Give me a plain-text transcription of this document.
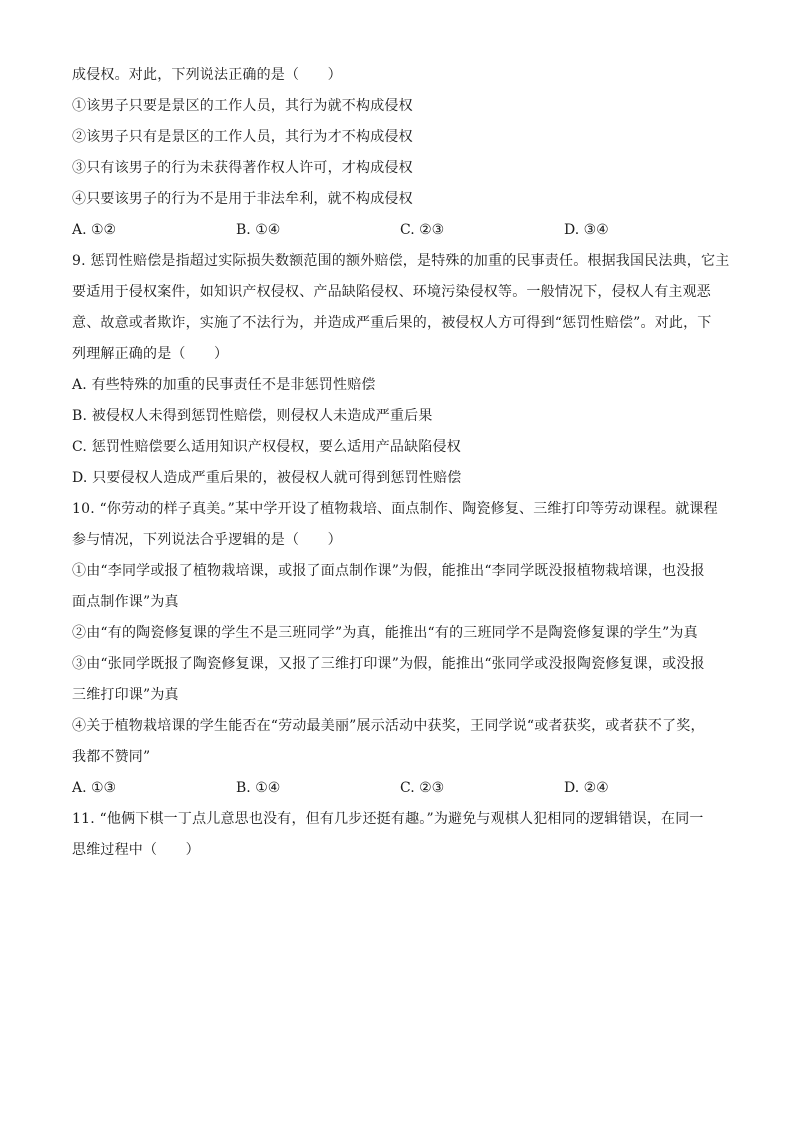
成侵权。对此，下列说法正确的是（　　）
①该男子只要是景区的工作人员，其行为就不构成侵权
②该男子只有是景区的工作人员，其行为才不构成侵权
③只有该男子的行为未获得著作权人许可，才构成侵权
④只要该男子的行为不是用于非法牟利，就不构成侵权
A. ①②	B. ①④	C. ②③	D. ③④
9. 惩罚性赔偿是指超过实际损失数额范围的额外赔偿，是特殊的加重的民事责任。根据我国民法典，它主
要适用于侵权案件，如知识产权侵权、产品缺陷侵权、环境污染侵权等。一般情况下，侵权人有主观恶
意、故意或者欺诈，实施了不法行为，并造成严重后果的，被侵权人方可得到“惩罚性赔偿”。对此，下
列理解正确的是（　　）
A. 有些特殊的加重的民事责任不是非惩罚性赔偿
B. 被侵权人未得到惩罚性赔偿，则侵权人未造成严重后果
C. 惩罚性赔偿要么适用知识产权侵权，要么适用产品缺陷侵权
D. 只要侵权人造成严重后果的，被侵权人就可得到惩罚性赔偿
10. “你劳动的样子真美。”某中学开设了植物栽培、面点制作、陶瓷修复、三维打印等劳动课程。就课程
参与情况，下列说法合乎逻辑的是（　　）
①由“李同学或报了植物栽培课，或报了面点制作课”为假，能推出“李同学既没报植物栽培课，也没报
面点制作课”为真
②由“有的陶瓷修复课的学生不是三班同学”为真，能推出“有的三班同学不是陶瓷修复课的学生”为真
③由“张同学既报了陶瓷修复课，又报了三维打印课”为假，能推出“张同学或没报陶瓷修复课，或没报
三维打印课”为真
④关于植物栽培课的学生能否在“劳动最美丽”展示活动中获奖，王同学说“或者获奖，或者获不了奖，
我都不赞同”
A. ①③	B. ①④	C. ②③	D. ②④
11. “他俩下棋一丁点儿意思也没有，但有几步还挺有趣。”为避免与观棋人犯相同的逻辑错误，在同一
思维过程中（　　）
